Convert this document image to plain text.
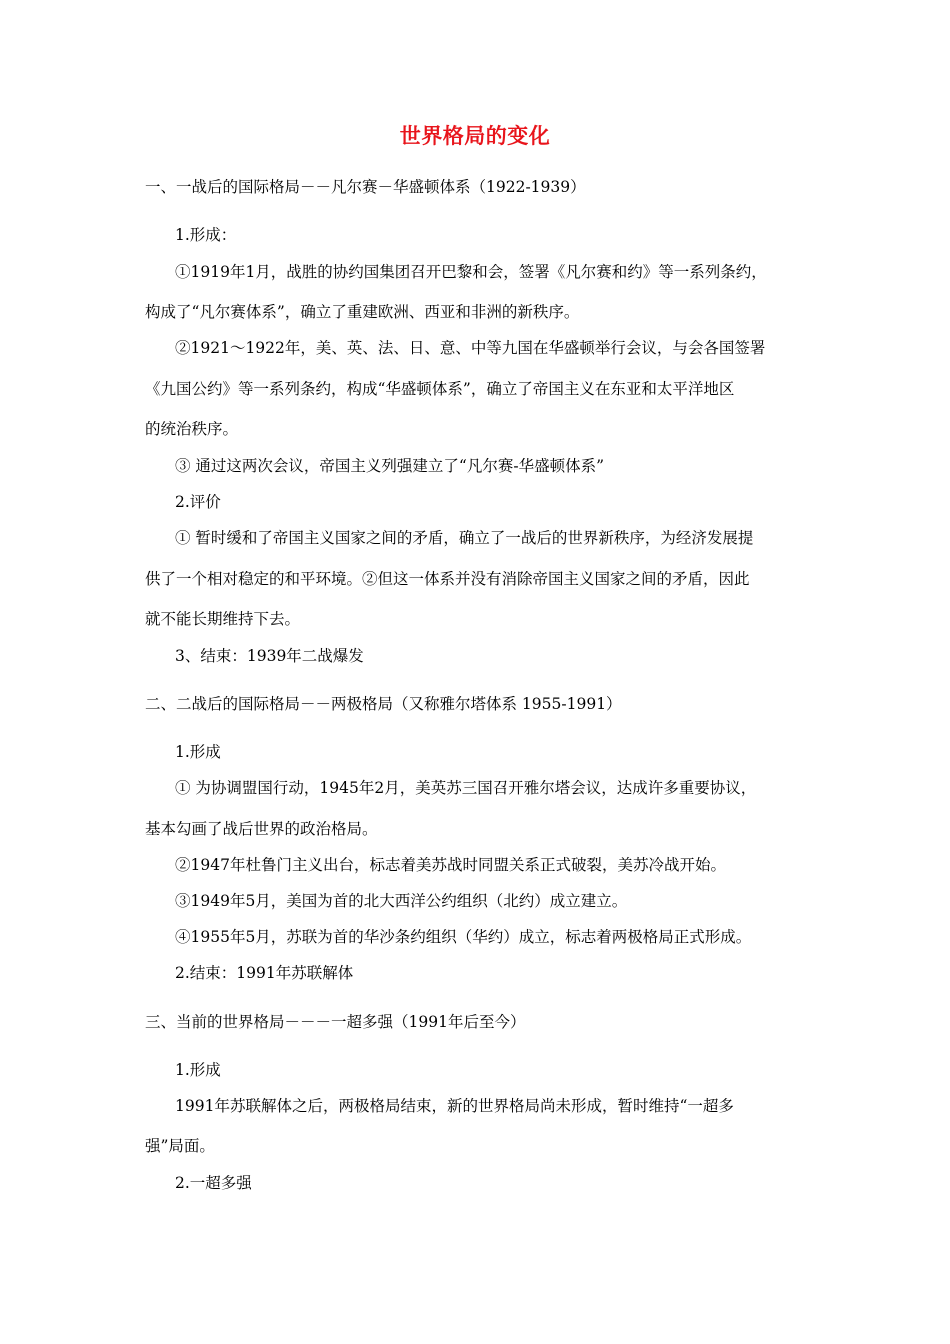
世界格局的变化
一、一战后的国际格局－－凡尔赛－华盛顿体系（1922-1939）
1.形成：
①1919年1月，战胜的协约国集团召开巴黎和会，签署《凡尔赛和约》等一系列条约，
构成了“凡尔赛体系”，确立了重建欧洲、西亚和非洲的新秩序。
②1921～1922年，美、英、法、日、意、中等九国在华盛顿举行会议，与会各国签署
《九国公约》等一系列条约，构成“华盛顿体系”，确立了帝国主义在东亚和太平洋地区
的统治秩序。
③ 通过这两次会议，帝国主义列强建立了“凡尔赛-华盛顿体系”
2.评价
① 暂时缓和了帝国主义国家之间的矛盾，确立了一战后的世界新秩序，为经济发展提
供了一个相对稳定的和平环境。②但这一体系并没有消除帝国主义国家之间的矛盾，因此
就不能长期维持下去。
3、结束：1939年二战爆发
二、二战后的国际格局－－两极格局（又称雅尔塔体系 1955-1991）
1.形成
① 为协调盟国行动，1945年2月，美英苏三国召开雅尔塔会议，达成许多重要协议，
基本勾画了战后世界的政治格局。
②1947年杜鲁门主义出台，标志着美苏战时同盟关系正式破裂，美苏冷战开始。
③1949年5月，美国为首的北大西洋公约组织（北约）成立建立。
④1955年5月，苏联为首的华沙条约组织（华约）成立，标志着两极格局正式形成。
2.结束：1991年苏联解体
三、当前的世界格局－－－一超多强（1991年后至今）
1.形成
1991年苏联解体之后，两极格局结束，新的世界格局尚未形成，暂时维持“一超多
强”局面。
2.一超多强
